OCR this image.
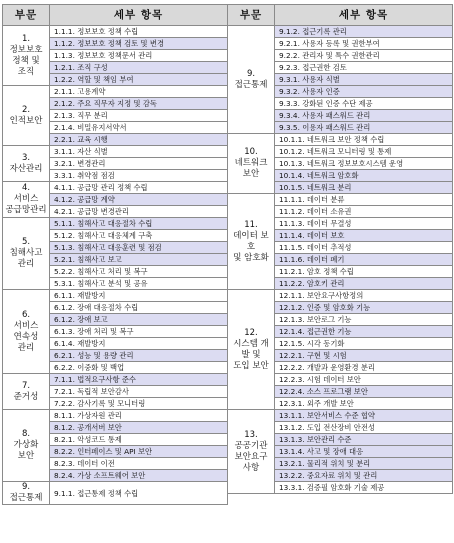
부문	세부 항목

1.
정보보호
정책 및
조직	1.1.1. 정보보호 정책 수립
	1.1.2. 정보보호 정책 검토 및 변경
	1.1.3. 정보보호 정책문서 관리
	1.2.1. 조직 구성
	1.2.2. 역할 및 책임 부여

2.
인적보안	2.1.1. 고용계약
	2.1.2. 주요 직무자 지정 및 감독
	2.1.3. 직무 분리
	2.1.4. 비밀유지서약서
	2.2.1. 교육 시행

3.
자산관리	3.1.1. 자산 식별
	3.2.1. 변경관리
	3.3.1. 취약점 점검

4.
서비스
공급망관리	4.1.1. 공급망 관리 정책 수립
	4.1.2. 공급망 계약
	4.2.1. 공급망 변경관리

5.
침해사고
관리	5.1.1. 침해사고 대응절차 수립
	5.1.2. 침해사고 대응체계 구축
	5.1.3. 침해사고 대응훈련 및 점검
	5.2.1. 침해사고 보고
	5.2.2. 침해사고 처리 및 복구
	5.3.1. 침해사고 분석 및 공유

6.
서비스
연속성
관리	6.1.1. 재발방지
	6.1.2. 장애 대응절차 수립
	6.1.2. 장애 보고
	6.1.3. 장애 처리 및 복구
	6.1.4. 재발방지
	6.2.1. 성능 및 용량 관리
	6.2.2. 이중화 및 백업

7.
준거성	7.1.1. 법적요구사항 준수
	7.2.1. 독립적 보안감사
	7.2.2. 감사기록 및 모니터링

8.
가상화
보안	8.1.1. 가상자원 관리
	8.1.2. 공개서버 보안
	8.2.1. 악성코드 통제
	8.2.2. 인터페이스 및 API 보안
	8.2.3. 데이터 이전
	8.2.4. 가상 소프트웨어 보안

9.
접근통제	9.1.1. 접근통제 정책 수립
부문	세부 항목

9.
접근통제	9.1.2. 접근기록 관리
	9.2.1. 사용자 등록 및 권한부여
	9.2.2. 관리자 및 특수 권한관리
	9.2.3. 접근권한 검토
	9.3.1. 사용자 식별
	9.3.2. 사용자 인증
	9.3.3. 강화된 인증 수단 제공
	9.3.4. 사용자 패스워드 관리
	9.3.5. 이용자 패스워드 관리

10.
네트워크
보안	10.1.1. 네트워크 보안 정책 수립
	10.1.2. 네트워크 모니터링 및 통제
	10.1.3. 네트워크 정보보호시스템 운영
	10.1.4. 네트워크 암호화
	10.1.5. 네트워크 분리

11.
데이터 보호
및 암호화	11.1.1. 데이터 분류
	11.1.2. 데이터 소유권
	11.1.3. 데이터 무결성
	11.1.4. 데이터 보호
	11.1.5. 데이터 추적성
	11.1.6. 데이터 폐기
	11.2.1. 암호 정책 수립
	11.2.2. 암호키 관리

12.
시스템 개발 및
도입 보안	12.1.1. 보안요구사항정의
	12.1.2. 인증 및 암호화 기능
	12.1.3. 보안로그 기능
	12.1.4. 접근권한 기능
	12.1.5. 시각 동기화
	12.2.1. 구현 및 시험
	12.2.2. 개발과 운영환경 분리
	12.2.3. 시험 데이터 보안
	12.2.4. 소스 프로그램 보안
	12.3.1. 외주 개발 보안

13.
공공기관
보안요구
사항	13.1.1. 보안서비스 수준 협약
	13.1.2. 도입 전산장비 안전성
	13.1.3. 보안관리 수준
	13.1.4. 사고 및 장애 대응
	13.2.1. 물리적 위치 및 분리
	13.2.2. 중요자료 위치 및 관리
	13.3.1. 검증필 암호화 기술 제공
